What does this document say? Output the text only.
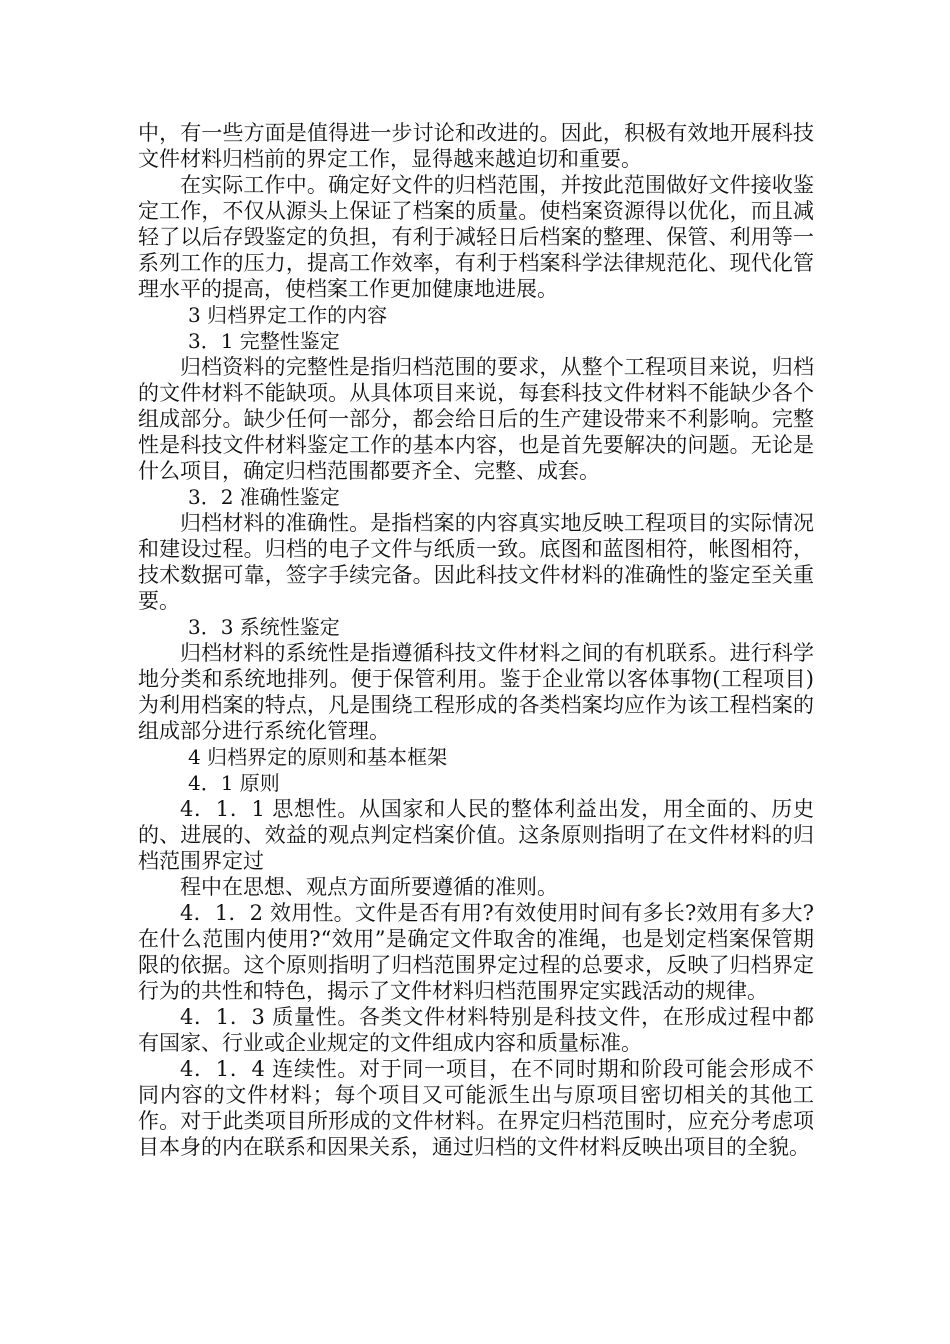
中，有一些方面是值得进一步讨论和改进的。因此，积极有效地开展科技文件材料归档前的界定工作，显得越来越迫切和重要。

在实际工作中。确定好文件的归档范围，并按此范围做好文件接收鉴定工作，不仅从源头上保证了档案的质量。使档案资源得以优化，而且减轻了以后存毁鉴定的负担，有利于减轻日后档案的整理、保管、利用等一系列工作的压力，提高工作效率，有利于档案科学法律规范化、现代化管理水平的提高，使档案工作更加健康地进展。

3 归档界定工作的内容

3．1 完整性鉴定

归档资料的完整性是指归档范围的要求，从整个工程项目来说，归档的文件材料不能缺项。从具体项目来说，每套科技文件材料不能缺少各个组成部分。缺少任何一部分，都会给日后的生产建设带来不利影响。完整性是科技文件材料鉴定工作的基本内容，也是首先要解决的问题。无论是什么项目，确定归档范围都要齐全、完整、成套。

3．2 准确性鉴定

归档材料的准确性。是指档案的内容真实地反映工程项目的实际情况和建设过程。归档的电子文件与纸质一致。底图和蓝图相符，帐图相符，技术数据可靠，签字手续完备。因此科技文件材料的准确性的鉴定至关重要。

3．3 系统性鉴定

归档材料的系统性是指遵循科技文件材料之间的有机联系。进行科学地分类和系统地排列。便于保管利用。鉴于企业常以客体事物(工程项目)为利用档案的特点，凡是围绕工程形成的各类档案均应作为该工程档案的组成部分进行系统化管理。

4 归档界定的原则和基本框架

4．1 原则

4．1．1 思想性。从国家和人民的整体利益出发，用全面的、历史的、进展的、效益的观点判定档案价值。这条原则指明了在文件材料的归档范围界定过

程中在思想、观点方面所要遵循的准则。

4．1．2 效用性。文件是否有用?有效使用时间有多长?效用有多大?在什么范围内使用?“效用”是确定文件取舍的准绳，也是划定档案保管期限的依据。这个原则指明了归档范围界定过程的总要求，反映了归档界定行为的共性和特色，揭示了文件材料归档范围界定实践活动的规律。

4．1．3 质量性。各类文件材料特别是科技文件，在形成过程中都有国家、行业或企业规定的文件组成内容和质量标准。

4．1．4 连续性。对于同一项目，在不同时期和阶段可能会形成不同内容的文件材料；每个项目又可能派生出与原项目密切相关的其他工作。对于此类项目所形成的文件材料。在界定归档范围时，应充分考虑项目本身的内在联系和因果关系，通过归档的文件材料反映出项目的全貌。
